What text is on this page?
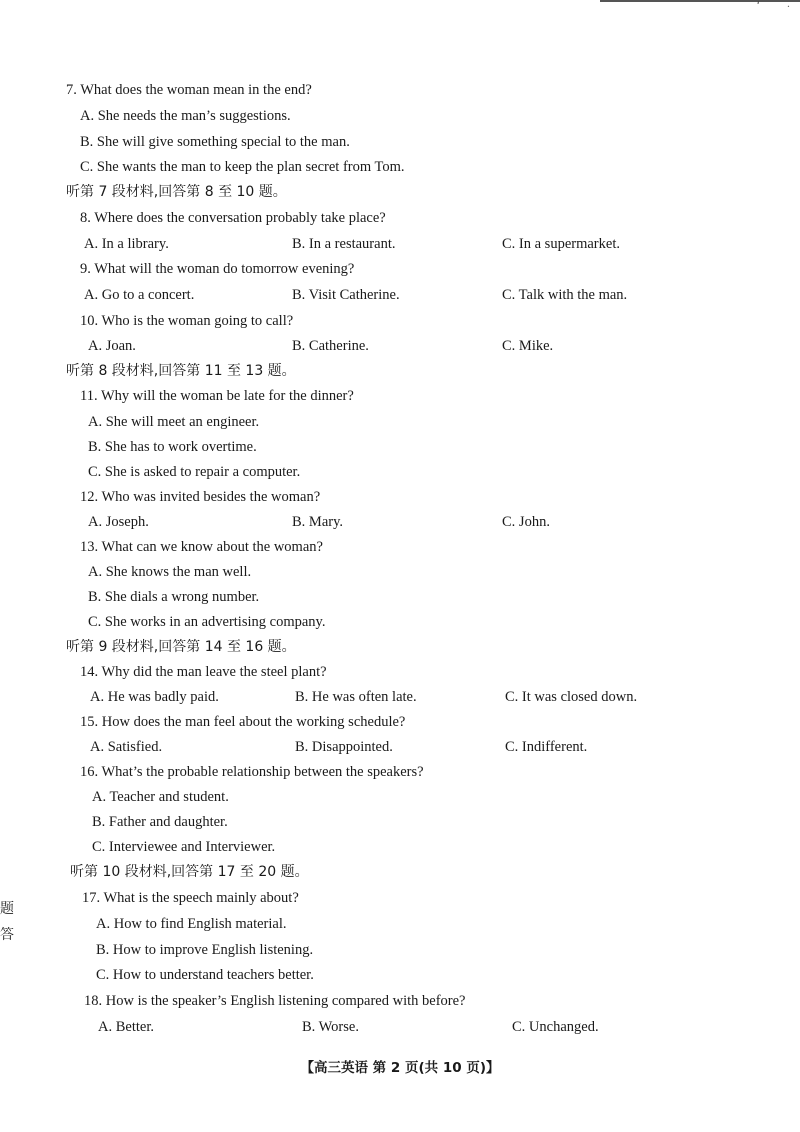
ʹ	·
7. What does the woman mean in the end?
A. She needs the man’s suggestions.
B. She will give something special to the man.
C. She wants the man to keep the plan secret from Tom.
听第 7 段材料,回答第 8 至 10 题。
8. Where does the conversation probably take place?
A. In a library.	B. In a restaurant.	C. In a supermarket.
9. What will the woman do tomorrow evening?
A. Go to a concert.	B. Visit Catherine.	C. Talk with the man.
10. Who is the woman going to call?
A. Joan.	B. Catherine.	C. Mike.
听第 8 段材料,回答第 11 至 13 题。
11. Why will the woman be late for the dinner?
A. She will meet an engineer.
B. She has to work overtime.
C. She is asked to repair a computer.
12. Who was invited besides the woman?
A. Joseph.	B. Mary.	C. John.
13. What can we know about the woman?
A. She knows the man well.
B. She dials a wrong number.
C. She works in an advertising company.
听第 9 段材料,回答第 14 至 16 题。
14. Why did the man leave the steel plant?
A. He was badly paid.	B. He was often late.	C. It was closed down.
15. How does the man feel about the working schedule?
A. Satisfied.	B. Disappointed.	C. Indifferent.
16. What’s the probable relationship between the speakers?
A. Teacher and student.
B. Father and daughter.
C. Interviewee and Interviewer.
听第 10 段材料,回答第 17 至 20 题。
17. What is the speech mainly about?
A. How to find English material.
B. How to improve English listening.
C. How to understand teachers better.
18. How is the speaker’s English listening compared with before?
A. Better.	B. Worse.	C. Unchanged.
题
答
【高三英语 第 2 页(共 10 页)】
